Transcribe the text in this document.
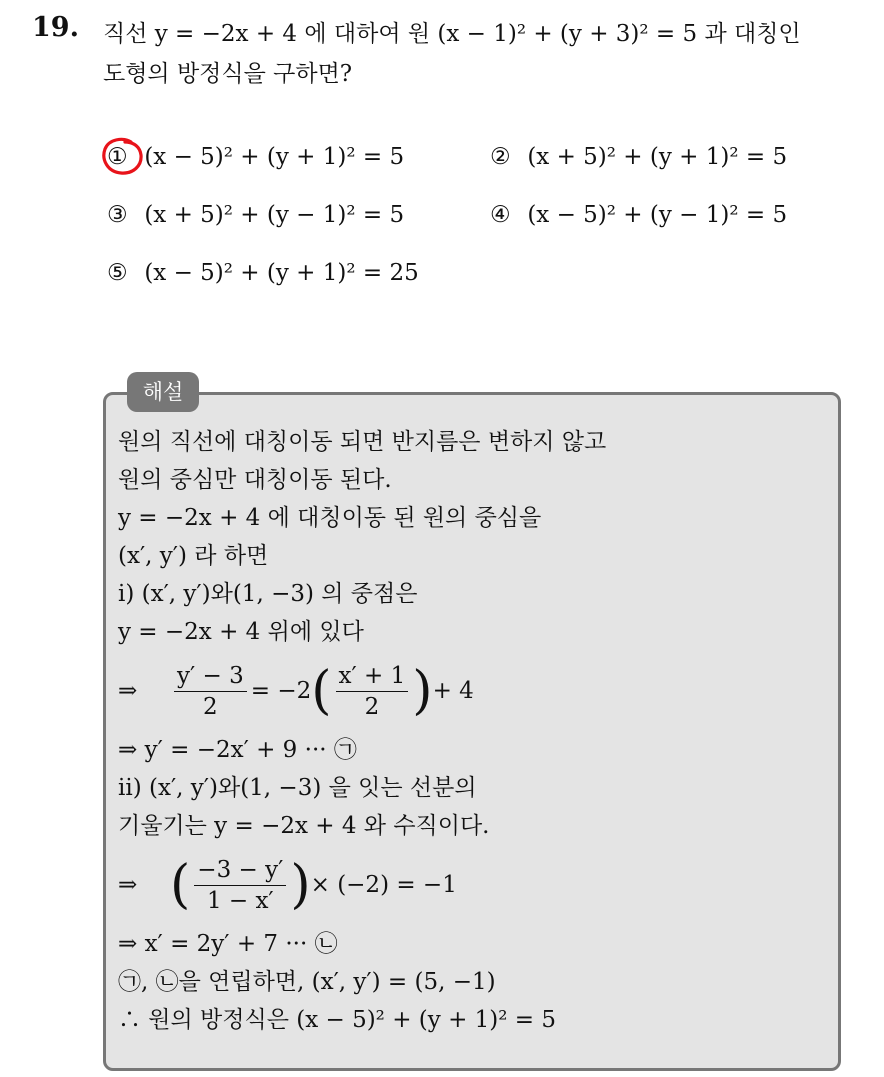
19. 직선 y = −2x + 4 에 대하여 원 (x − 1)² + (y + 3)² = 5 과 대칭인
도형의 방정식을 구하면?
① (x − 5)² + (y + 1)² = 5	② (x + 5)² + (y + 1)² = 5
③ (x + 5)² + (y − 1)² = 5	④ (x − 5)² + (y − 1)² = 5
⑤ (x − 5)² + (y + 1)² = 25
해설
원의 직선에 대칭이동 되면 반지름은 변하지 않고
원의 중심만 대칭이동 된다.
y = −2x + 4 에 대칭이동 된 원의 중심을
(x′, y′) 라 하면
i) (x′, y′)와(1, −3) 의 중점은
y = −2x + 4 위에 있다
⇒	$\frac{y' - 3}{2} = -2$ ( $\frac{x' + 1}{2}$ ) + 4
⇒ y′ = −2x′ + 9 ··· ㉠
ii) (x′, y′)와(1, −3) 을 잇는 선분의
기울기는 y = −2x + 4 와 수직이다.
⇒ ( $\frac{-3 - y'}{1 - x'}$ ) × (−2) = −1
⇒ x′ = 2y′ + 7 ··· ㉡
㉠, ㉡을 연립하면, (x′, y′) = (5, −1)
∴ 원의 방정식은 (x − 5)² + (y + 1)² = 5
